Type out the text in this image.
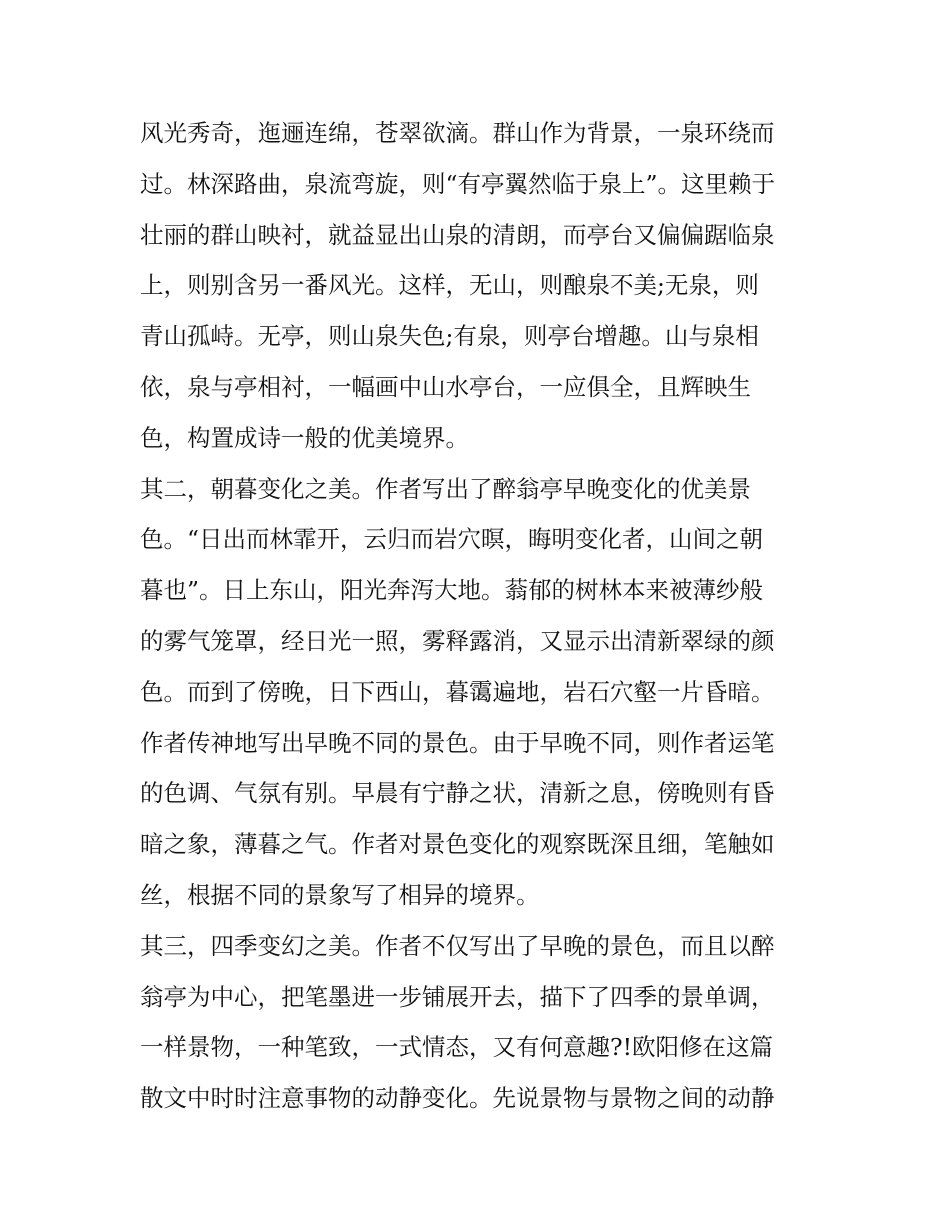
风光秀奇，迤逦连绵，苍翠欲滴。群山作为背景，一泉环绕而
过。林深路曲，泉流弯旋，则“有亭翼然临于泉上”。这里赖于
壮丽的群山映衬，就益显出山泉的清朗，而亭台又偏偏踞临泉
上，则别含另一番风光。这样，无山，则酿泉不美;无泉，则
青山孤峙。无亭，则山泉失色;有泉，则亭台增趣。山与泉相
依，泉与亭相衬，一幅画中山水亭台，一应俱全，且辉映生
色，构置成诗一般的优美境界。
其二，朝暮变化之美。作者写出了醉翁亭早晚变化的优美景
色。“日出而林霏开，云归而岩穴暝，晦明变化者，山间之朝
暮也”。日上东山，阳光奔泻大地。蓊郁的树林本来被薄纱般
的雾气笼罩，经日光一照，雾释露消，又显示出清新翠绿的颜
色。而到了傍晚，日下西山，暮霭遍地，岩石穴壑一片昏暗。
作者传神地写出早晚不同的景色。由于早晚不同，则作者运笔
的色调、气氛有别。早晨有宁静之状，清新之息，傍晚则有昏
暗之象，薄暮之气。作者对景色变化的观察既深且细，笔触如
丝，根据不同的景象写了相异的境界。
其三，四季变幻之美。作者不仅写出了早晚的景色，而且以醉
翁亭为中心，把笔墨进一步铺展开去，描下了四季的景单调，
一样景物，一种笔致，一式情态，又有何意趣?!欧阳修在这篇
散文中时时注意事物的动静变化。先说景物与景物之间的动静
